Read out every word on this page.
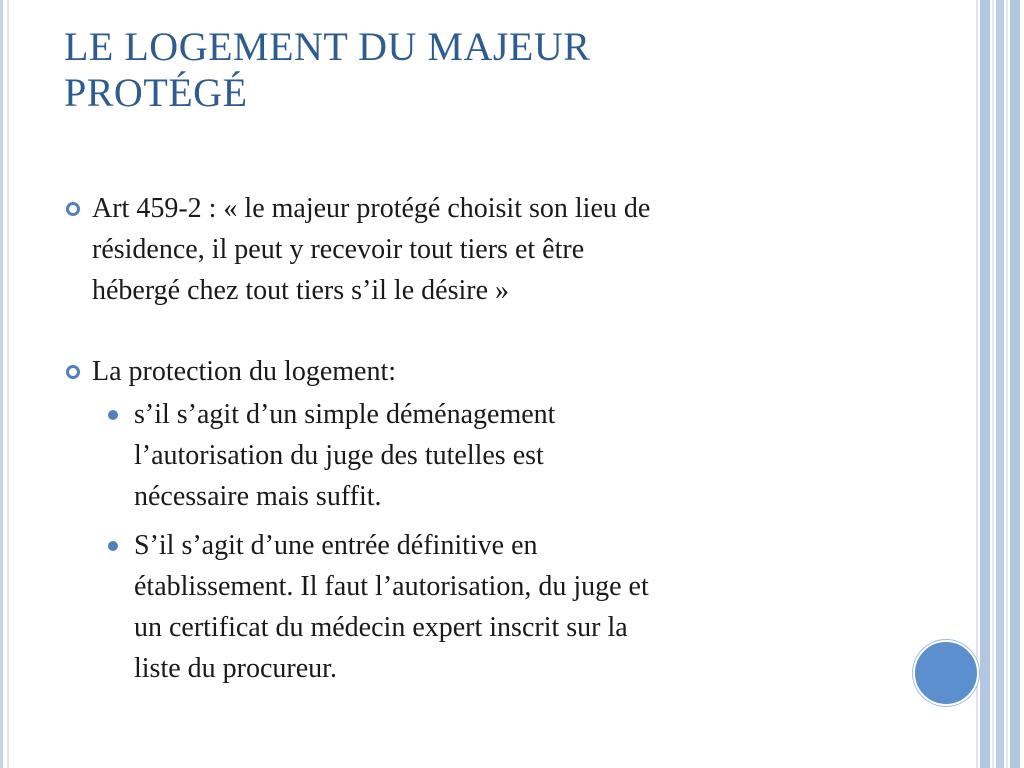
LE LOGEMENT DU MAJEUR
PROTÉGÉ
Art 459-2 : « le majeur protégé choisit son lieu de
résidence, il peut y recevoir tout tiers et être
hébergé chez tout tiers s’il le désire »
La protection du logement:
s’il s’agit d’un simple déménagement
l’autorisation du juge des tutelles est
nécessaire mais suffit.
S’il s’agit d’une entrée définitive en
établissement. Il faut l’autorisation, du juge et
un certificat du médecin expert inscrit sur la
liste du procureur.
